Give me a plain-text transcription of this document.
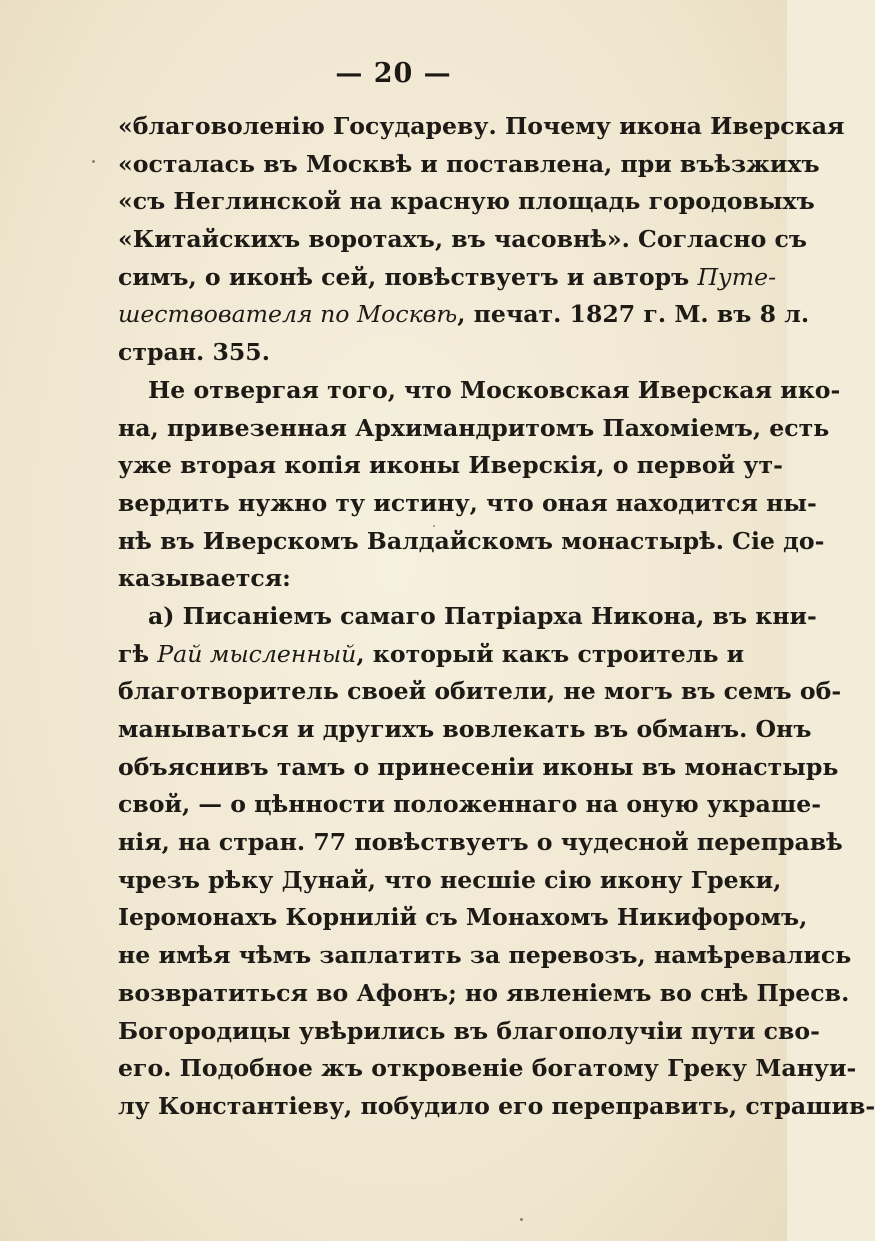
— 20 —
«благоволенію Государеву. Почему икона Иверская
«осталась въ Москвѣ и поставлена, при въѣзжихъ
«съ Неглинской на красную площадь городовыхъ
«Китайскихъ воротахъ, въ часовнѣ». Согласно съ
симъ, о иконѣ сей, повѣствуетъ и авторъ Путе-
шествователя по Москвѣ, печат. 1827 г. М. въ 8 л.
стран. 355.
Не отвергая того, что Московская Иверская ико-
на, привезенная Архимандритомъ Пахоміемъ, есть
уже вторая копія иконы Иверскія, о первой ут-
вердить нужно ту истину, что оная находится ны-
нѣ въ Иверскомъ Валдайскомъ монастырѣ. Сіе до-
казывается:
а) Писаніемъ самаго Патріарха Никона, въ кни-
гѣ Рай мысленный, который какъ строитель и
благотворитель своей обители, не могъ въ семъ об-
манываться и другихъ вовлекать въ обманъ. Онъ
объяснивъ тамъ о принесеніи иконы въ монастырь
свой, — о цѣнности положеннаго на оную украше-
нія, на стран. 77 повѣствуетъ о чудесной переправѣ
чрезъ рѣку Дунай, что несшіе сію икону Греки,
Іеромонахъ Корнилій съ Монахомъ Никифоромъ,
не имѣя чѣмъ заплатить за перевозъ, намѣревались
возвратиться во Афонъ; но явленіемъ во снѣ Пресв.
Богородицы увѣрились въ благополучіи пути сво-
его. Подобное жъ откровеніе богатому Греку Мануи-
лу Константіеву, побудило его переправить, страшив-
